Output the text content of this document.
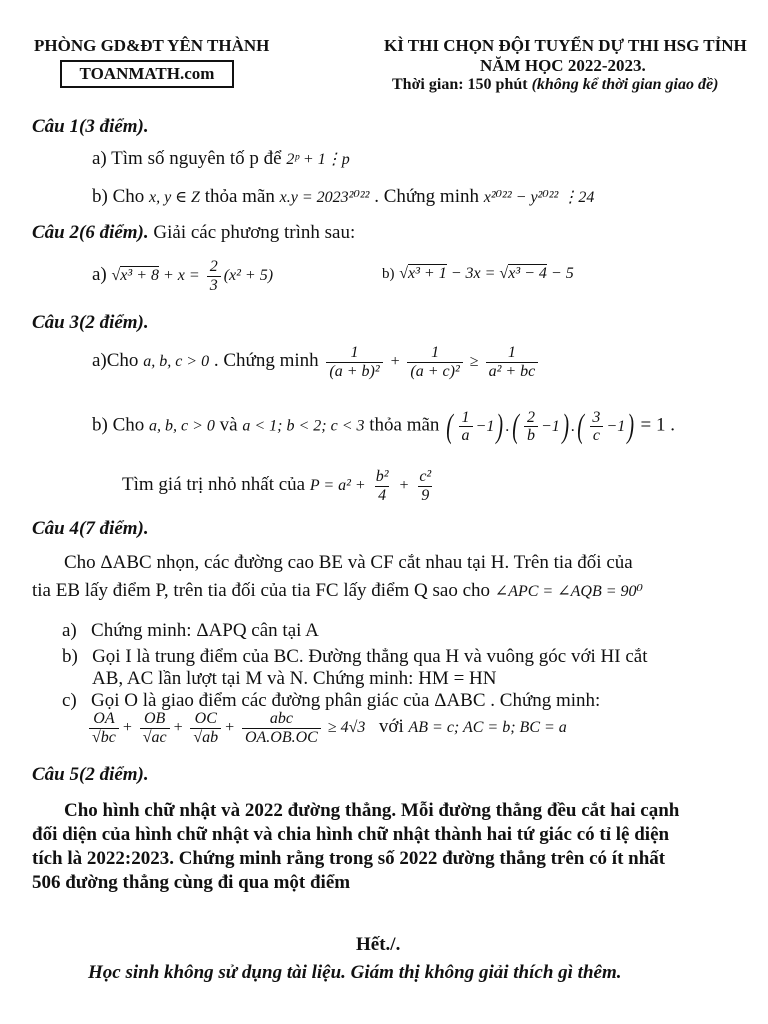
PHÒNG GD&ĐT YÊN THÀNH
TOANMATH.com
KÌ THI CHỌN ĐỘI TUYỂN DỰ THI HSG TỈNH
NĂM HỌC 2022-2023.
Thời gian: 150 phút (không kể thời gian giao đề)
Câu 1(3 điểm).
a) Tìm số nguyên tố p để 2ᵖ + 1⋮p
b) Cho x, y ∈ Z thỏa mãn x.y = 2023²⁰²² . Chứng minh x²⁰²² − y²⁰²² ⋮24
Câu 2(6 điểm). Giải các phương trình sau:
a) $√x^3 + 8 + x = \frac{2}{3} (x^2 + 5)$	b) √x³ + 1 − 3x = √x³ − 4 − 5
Câu 3(2 điểm).
a)Cho a, b, c > 0 . Chứng minh $\frac{1}{\text{(a + b)²}} + \frac{1}{\text{(a + c)²}} \ge \frac{1}{\text{a² + bc}}$
b) Cho a, b, c > 0 và a < 1; b < 2; c < 3 thỏa mãn ( $\frac{1}{a} -1$) .( $\frac{2}{b} -1$) .( $\frac{3}{c} -1) = 1$ .
Tìm giá trị nhỏ nhất của $P = a^2 + \frac{\text{b²}}{4} + \frac{\text{c²}}{9}$
Câu 4(7 điểm).
Cho ΔABC nhọn, các đường cao BE và CF cắt nhau tại H. Trên tia đối của
tia EB lấy điểm P, trên tia đối của tia FC lấy điểm Q sao cho ∠APC = ∠AQB = 90⁰
a) Chứng minh: ΔAPQ cân tại A
b) Gọi I là trung điểm của BC. Đường thẳng qua H và vuông góc với HI cắt
AB, AC lần lượt tại M và N. Chứng minh: HM = HN
c) Gọi O là giao điểm các đường phân giác của ΔABC . Chứng minh:
$\frac{OA}{√bc} + \frac{OB}{√ac} + \frac{OC}{√ab} + \frac{\text{abc}}{OA.OB.OC} \ge 4√3$ với AB = c; AC = b; BC = a
Câu 5(2 điểm).
Cho hình chữ nhật và 2022 đường thẳng. Mỗi đường thẳng đều cắt hai cạnh
đối diện của hình chữ nhật và chia hình chữ nhật thành hai tứ giác có tỉ lệ diện
tích là 2022:2023. Chứng minh rằng trong số 2022 đường thẳng trên có ít nhất
506 đường thẳng cùng đi qua một điểm
Hết./.
Học sinh không sử dụng tài liệu. Giám thị không giải thích gì thêm.
